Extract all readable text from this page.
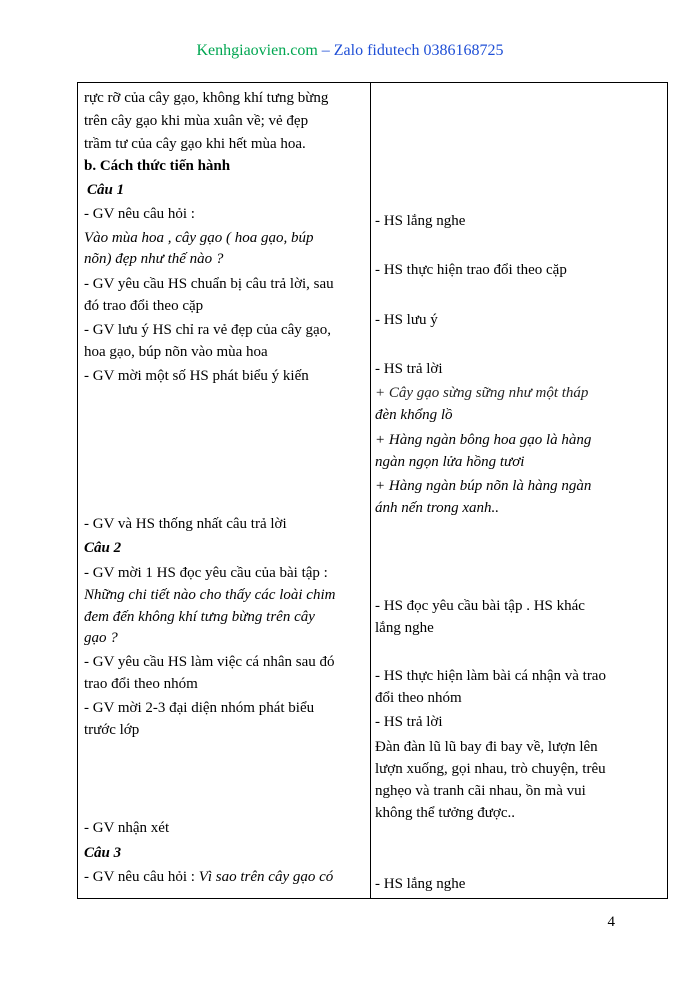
Kenhgiaovien.com – Zalo fidutech 0386168725
rực rỡ của cây gạo, không khí tưng bừng
trên cây gạo khi mùa xuân về; vẻ đẹp
trầm tư của cây gạo khi hết mùa hoa.
b. Cách thức tiến hành
Câu 1
- GV nêu câu hỏi :
Vào mùa hoa , cây gạo ( hoa gạo, búp
nõn) đẹp như thế nào ?
- GV yêu cầu HS chuẩn bị câu trả lời, sau
đó trao đổi theo cặp
- GV lưu ý HS chỉ ra vẻ đẹp của cây gạo,
hoa gạo, búp nõn vào mùa hoa
- GV mời một số HS phát biểu ý kiến
- GV và HS thống nhất câu trả lời
Câu 2
- GV mời 1 HS đọc yêu cầu của bài tập :
Những chi tiết nào cho thấy các loài chim
đem đến không khí tưng bừng trên cây
gạo ?
- GV yêu cầu HS làm việc cá nhân sau đó
trao đổi theo nhóm
- GV mời 2-3 đại diện nhóm phát biểu
trước lớp
- GV nhận xét
Câu 3
- GV nêu câu hỏi : Vì sao trên cây gạo có
- HS lắng nghe
- HS thực hiện trao đổi theo cặp
- HS lưu ý
- HS trả lời
+ Cây gạo sừng sững như một tháp
đèn khổng lồ
+ Hàng ngàn bông hoa gạo là hàng
ngàn ngọn lửa hồng tươi
+ Hàng ngàn búp nõn là hàng ngàn
ánh nến trong xanh..
- HS đọc yêu cầu bài tập . HS khác
lắng nghe
- HS thực hiện làm bài cá nhận và trao
đổi theo nhóm
- HS trả lời
Đàn đàn lũ lũ bay đi bay về, lượn lên
lượn xuống, gọi nhau, trò chuyện, trêu
nghẹo và tranh cãi nhau, ồn mà vui
không thể tưởng được..
- HS lắng nghe
4
